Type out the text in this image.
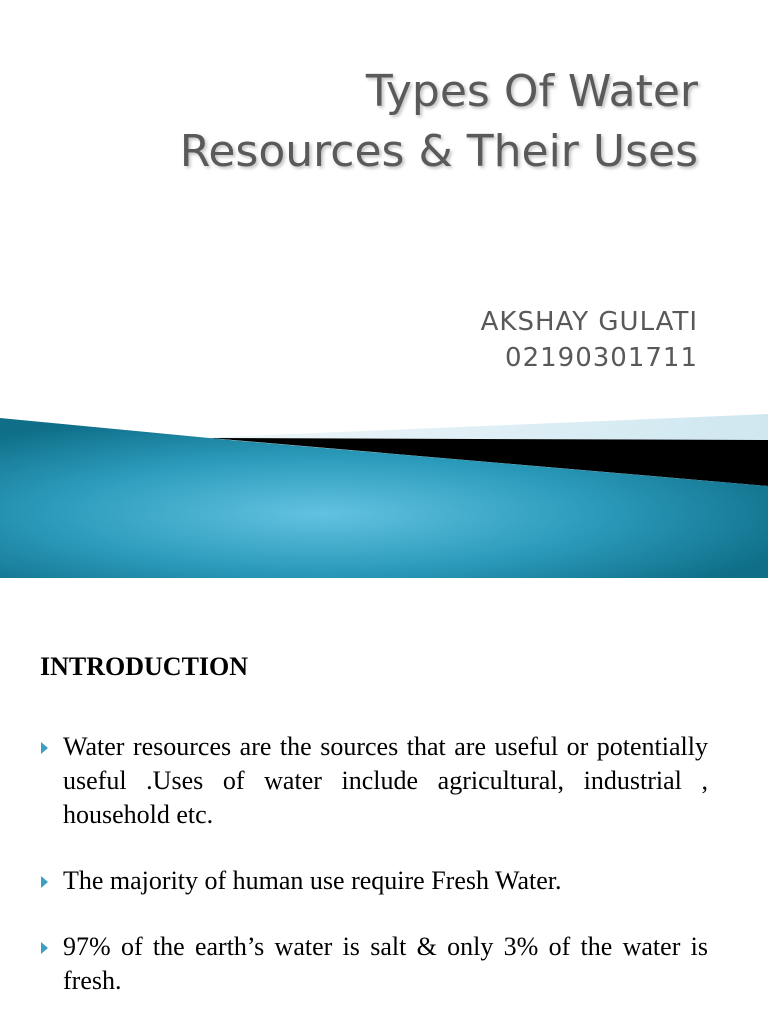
Types Of Water
Resources & Their Uses
AKSHAY GULATI
02190301711
INTRODUCTION
Water resources are the sources that are useful or potentially useful .Uses of water include agricultural, industrial , household etc.
The majority of human use require Fresh Water.
97% of the earth’s water is salt & only 3% of the water is fresh.
